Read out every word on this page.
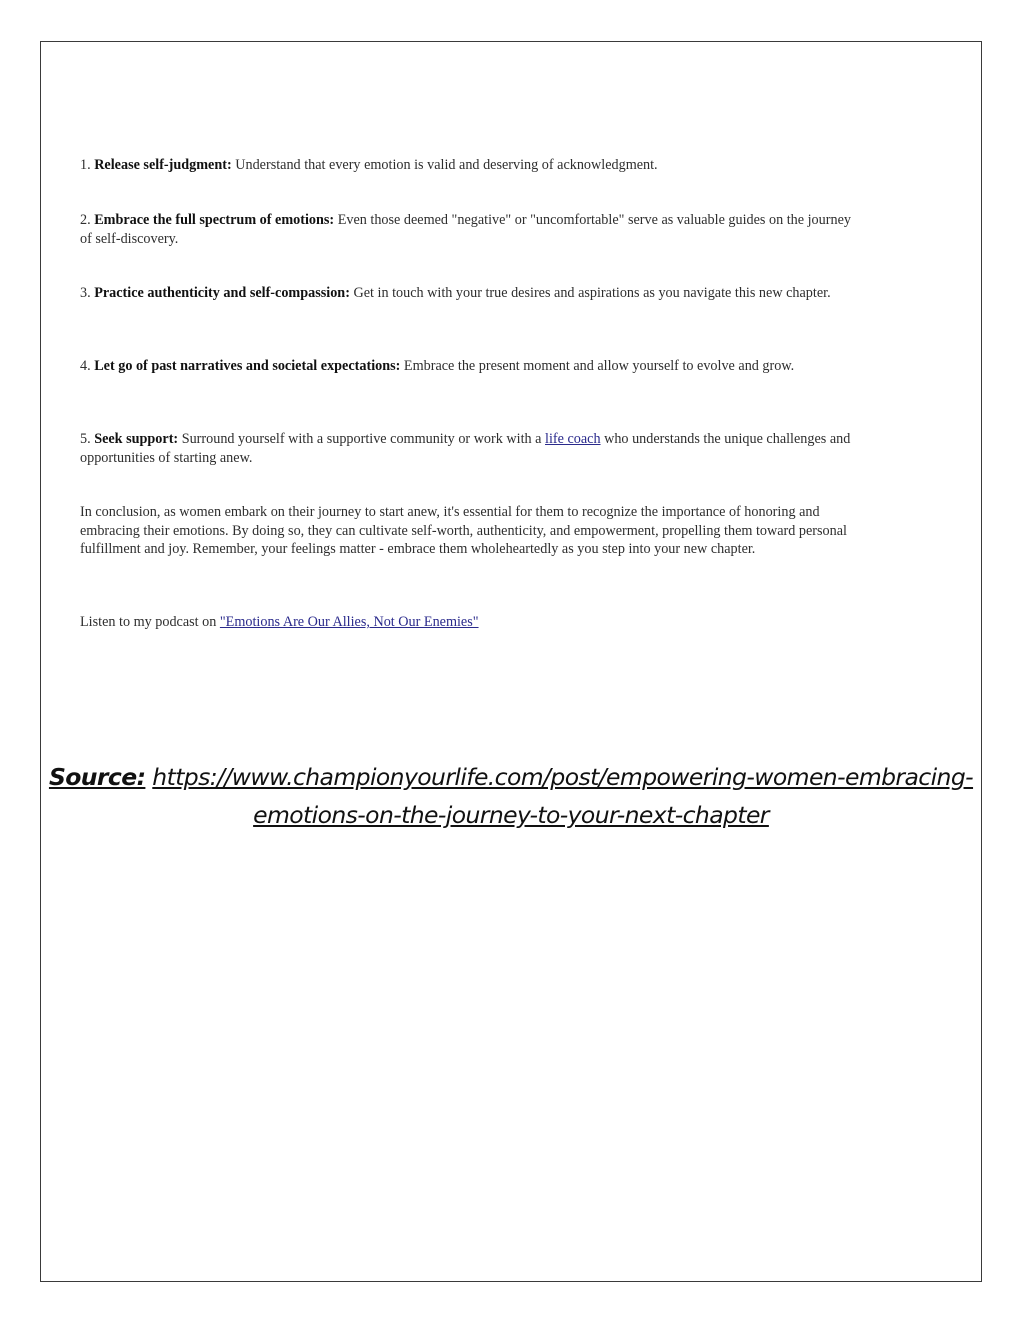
1. Release self-judgment: Understand that every emotion is valid and deserving of acknowledgment.

2. Embrace the full spectrum of emotions: Even those deemed "negative" or "uncomfortable" serve as valuable guides on the journey of self-discovery.

3. Practice authenticity and self-compassion: Get in touch with your true desires and aspirations as you navigate this new chapter.

4. Let go of past narratives and societal expectations: Embrace the present moment and allow yourself to evolve and grow.

5. Seek support: Surround yourself with a supportive community or work with a life coach who understands the unique challenges and opportunities of starting anew.

In conclusion, as women embark on their journey to start anew, it's essential for them to recognize the importance of honoring and embracing their emotions. By doing so, they can cultivate self-worth, authenticity, and empowerment, propelling them toward personal fulfillment and joy. Remember, your feelings matter - embrace them wholeheartedly as you step into your new chapter.

Listen to my podcast on "Emotions Are Our Allies, Not Our Enemies"

Source: https://www.championyourlife.com/post/empowering-women-embracing-emotions-on-the-journey-to-your-next-chapter
